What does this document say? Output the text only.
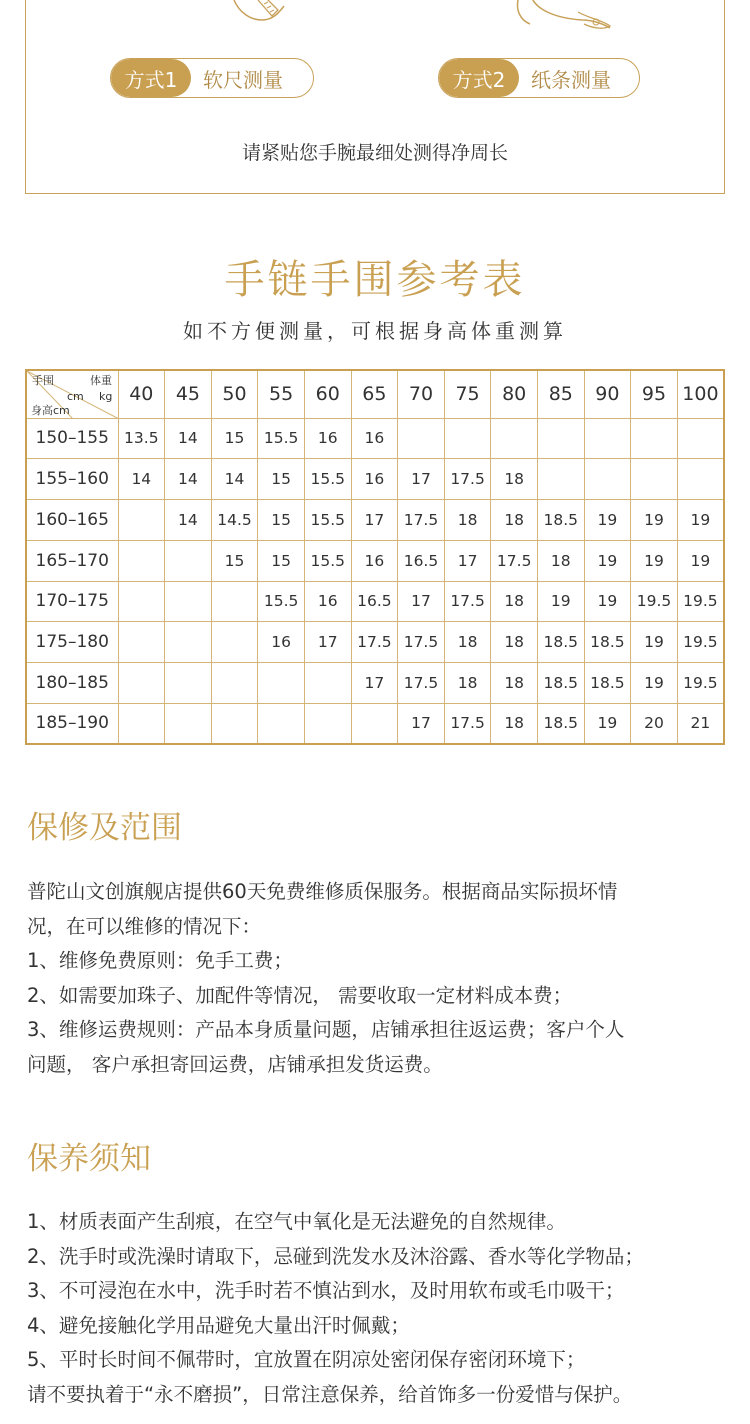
方式1	软尺测量	方式2	纸条测量
请紧贴您手腕最细处测得净周长
手链手围参考表
如不方便测量，可根据身高体重测算
手围
cm
体重
kg
身高cm	40	45	50	55	60	65	70	75	80	85	90	95	100
150–155	13.5	14	15	15.5	16	16							
155–160	14	14	14	15	15.5	16	17	17.5	18				
160–165		14	14.5	15	15.5	17	17.5	18	18	18.5	19	19	19
165–170			15	15	15.5	16	16.5	17	17.5	18	19	19	19
170–175				15.5	16	16.5	17	17.5	18	19	19	19.5	19.5
175–180				16	17	17.5	17.5	18	18	18.5	18.5	19	19.5
180–185						17	17.5	18	18	18.5	18.5	19	19.5
185–190							17	17.5	18	18.5	19	20	21
保修及范围

普陀山文创旗舰店提供60天免费维修质保服务。根据商品实际损坏情

况，在可以维修的情况下：

1、维修免费原则：免手工费；

2、如需要加珠子、加配件等情况， 需要收取一定材料成本费；

3、维修运费规则：产品本身质量问题，店铺承担往返运费；客户个人

问题， 客户承担寄回运费，店铺承担发货运费。

保养须知

1、材质表面产生刮痕，在空气中氧化是无法避免的自然规律。

2、洗手时或洗澡时请取下，忌碰到洗发水及沐浴露、香水等化学物品；

3、不可浸泡在水中，洗手时若不慎沾到水，及时用软布或毛巾吸干；

4、避免接触化学用品避免大量出汗时佩戴；

5、平时长时间不佩带时，宜放置在阴凉处密闭保存密闭环境下；

请不要执着于“永不磨损”，日常注意保养，给首饰多一份爱惜与保护。
